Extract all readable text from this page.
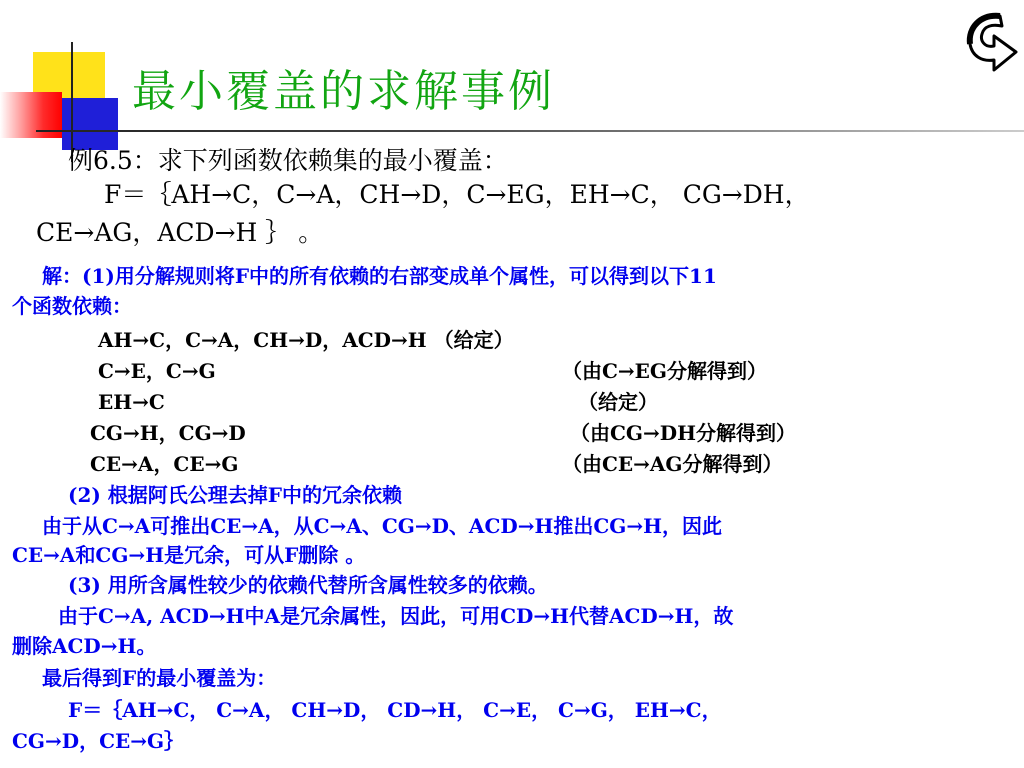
最小覆盖的求解事例
例6.5：求下列函数依赖集的最小覆盖：
F＝｛AH→C，C→A，CH→D，C→EG，EH→C， CG→DH，
CE→AG，ACD→H ｝ 。
解：(1)用分解规则将F中的所有依赖的右部变成单个属性，可以得到以下11
个函数依赖：
AH→C，C→A，CH→D，ACD→H （给定）
C→E，C→G	（由C→EG分解得到）
EH→C	（给定）
CG→H，CG→D	（由CG→DH分解得到）
CE→A，CE→G	（由CE→AG分解得到）
(2) 根据阿氏公理去掉F中的冗余依赖
由于从C→A可推出CE→A，从C→A、CG→D、ACD→H推出CG→H，因此
CE→A和CG→H是冗余，可从F删除 。
(3) 用所含属性较少的依赖代替所含属性较多的依赖。
由于C→A, ACD→H中A是冗余属性，因此，可用CD→H代替ACD→H，故
删除ACD→H。
最后得到F的最小覆盖为：
F＝｛AH→C， C→A， CH→D， CD→H， C→E， C→G， EH→C，
CG→D，CE→G｝
